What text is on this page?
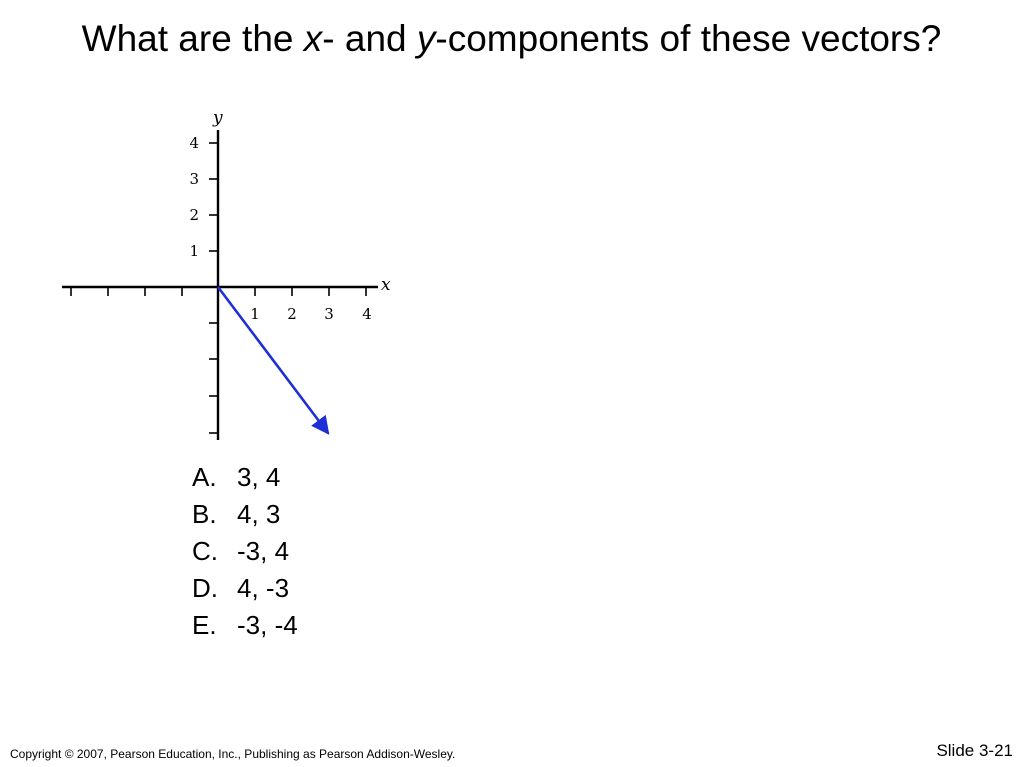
What are the x- and y-components of these vectors?
1 2 3 4
1
2
3
4
x
y
A. 3, 4
B. 4, 3
C. -3, 4
D. 4, -3
E. -3, -4
Copyright © 2007, Pearson Education, Inc., Publishing as Pearson Addison-Wesley.	Slide 3-21
